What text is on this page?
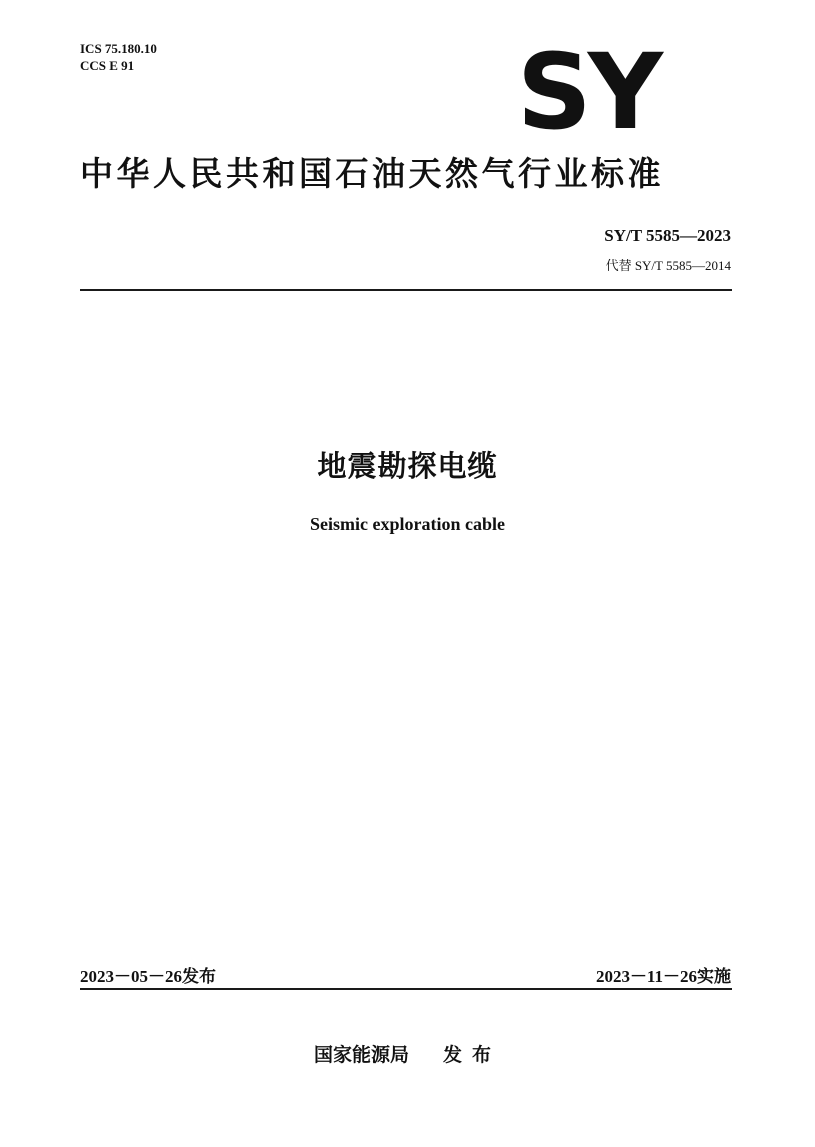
ICS 75.180.10
CCS E 91	SY
中华人民共和国石油天然气行业标准
SY/T 5585—2023
代替 SY/T 5585—2014
地震勘探电缆
Seismic exploration cable
2023－05－26发布	2023－11－26实施
国家能源局 发布
